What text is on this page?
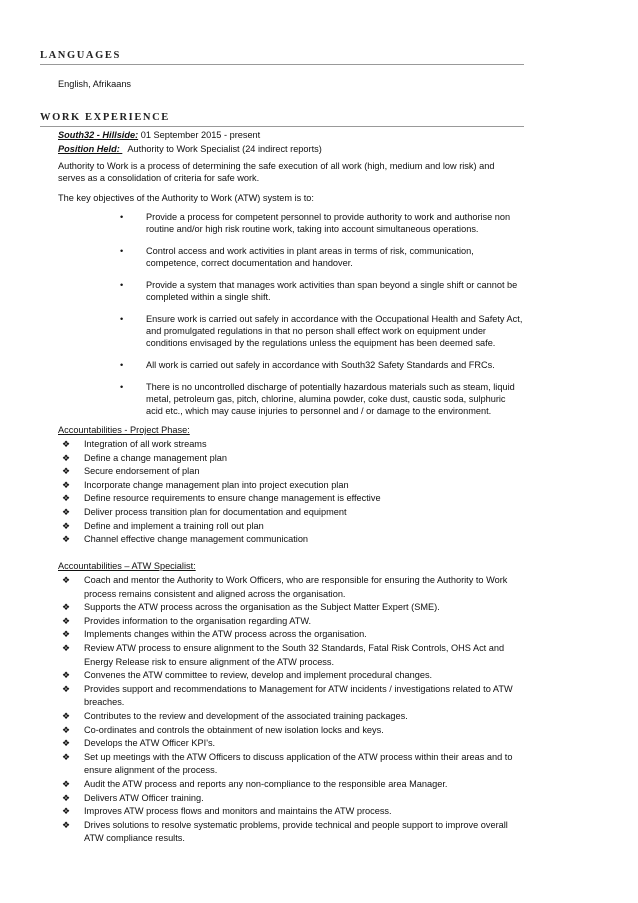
LANGUAGES
English, Afrikaans
WORK EXPERIENCE
South32 - Hillside: 01 September 2015 - present
Position Held:   Authority to Work Specialist (24 indirect reports)
Authority to Work is a process of determining the safe execution of all work (high, medium and low risk) and serves as a consolidation of criteria for safe work.
The key objectives of the Authority to Work (ATW) system is to:
• Provide a process for competent personnel to provide authority to work and authorise non routine and/or high risk routine work, taking into account simultaneous operations.
• Control access and work activities in plant areas in terms of risk, communication, competence, correct documentation and handover.
• Provide a system that manages work activities than span beyond a single shift or cannot be completed within a single shift.
• Ensure work is carried out safely in accordance with the Occupational Health and Safety Act, and promulgated regulations in that no person shall effect work on equipment under conditions envisaged by the regulations unless the equipment has been deemed safe.
• All work is carried out safely in accordance with South32 Safety Standards and FRCs.
• There is no uncontrolled discharge of potentially hazardous materials such as steam, liquid metal, petroleum gas, pitch, chlorine, alumina powder, coke dust, caustic soda, sulphuric acid etc., which may cause injuries to personnel and / or damage to the environment.
Accountabilities - Project Phase:
❖ Integration of all work streams
❖ Define a change management plan
❖ Secure endorsement of plan
❖ Incorporate change management plan into project execution plan
❖ Define resource requirements to ensure change management is effective
❖ Deliver process transition plan for documentation and equipment
❖ Define and implement a training roll out plan
❖ Channel effective change management communication
Accountabilities – ATW Specialist:
❖ Coach and mentor the Authority to Work Officers, who are responsible for ensuring the Authority to Work process remains consistent and aligned across the organisation.
❖ Supports the ATW process across the organisation as the Subject Matter Expert (SME).
❖ Provides information to the organisation regarding ATW.
❖ Implements changes within the ATW process across the organisation.
❖ Review ATW process to ensure alignment to the South 32 Standards, Fatal Risk Controls, OHS Act and Energy Release risk to ensure alignment of the ATW process.
❖ Convenes the ATW committee to review, develop and implement procedural changes.
❖ Provides support and recommendations to Management for ATW incidents / investigations related to ATW breaches.
❖ Contributes to the review and development of the associated training packages.
❖ Co-ordinates and controls the obtainment of new isolation locks and keys.
❖ Develops the ATW Officer KPI's.
❖ Set up meetings with the ATW Officers to discuss application of the ATW process within their areas and to ensure alignment of the process.
❖ Audit the ATW process and reports any non-compliance to the responsible area Manager.
❖ Delivers ATW Officer training.
❖ Improves ATW process flows and monitors and maintains the ATW process.
❖ Drives solutions to resolve systematic problems, provide technical and people support to improve overall ATW compliance results.
